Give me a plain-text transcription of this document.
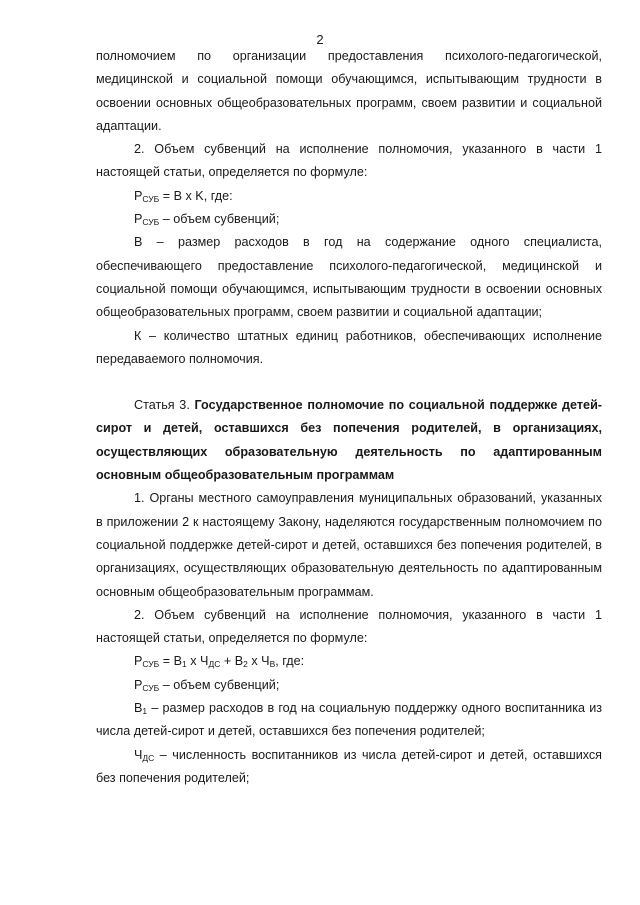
2

полномочием по организации предоставления психолого-педагогической, медицинской и социальной помощи обучающимся, испытывающим трудности в освоении основных общеобразовательных программ, своем развитии и социальной адаптации.

2. Объем субвенций на исполнение полномочия, указанного в части 1 настоящей статьи, определяется по формуле:

$P_{СУБ} = B$ x K, где:

$P_{СУБ}$ – объем субвенций;

B – размер расходов в год на содержание одного специалиста, обеспечивающего предоставление психолого-педагогической, медицинской и социальной помощи обучающимся, испытывающим трудности в освоении основных общеобразовательных программ, своем развитии и социальной адаптации;

К – количество штатных единиц работников, обеспечивающих исполнение передаваемого полномочия.

Статья 3. Государственное полномочие по социальной поддержке детей-сирот и детей, оставшихся без попечения родителей, в организациях, осуществляющих образовательную деятельность по адаптированным основным общеобразовательным программам

1. Органы местного самоуправления муниципальных образований, указанных в приложении 2 к настоящему Закону, наделяются государственным полномочием по социальной поддержке детей-сирот и детей, оставшихся без попечения родителей, в организациях, осуществляющих образовательную деятельность по адаптированным основным общеобразовательным программам.

2. Объем субвенций на исполнение полномочия, указанного в части 1 настоящей статьи, определяется по формуле:

$P_{СУБ} = B_1$ x $Ч_{ДС} + B_2$ x $Ч_В$, где:

$P_{СУБ}$ – объем субвенций;

$B_1$ – размер расходов в год на социальную поддержку одного воспитанника из числа детей-сирот и детей, оставшихся без попечения родителей;

$Ч_{ДС}$ – численность воспитанников из числа детей-сирот и детей, оставшихся без попечения родителей;
